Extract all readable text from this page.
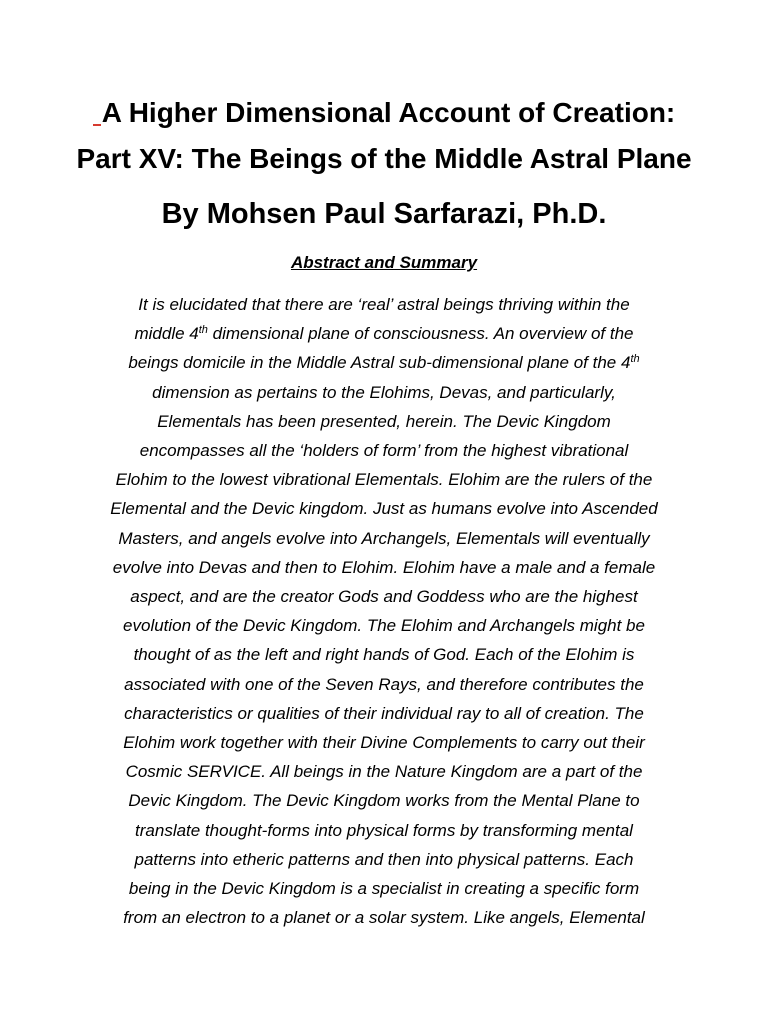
A Higher Dimensional Account of Creation:
Part XV: The Beings of the Middle Astral Plane
By Mohsen Paul Sarfarazi, Ph.D.
Abstract and Summary
It is elucidated that there are ‘real’ astral beings thriving within the
middle 4th dimensional plane of consciousness. An overview of the
beings domicile in the Middle Astral sub-dimensional plane of the 4th
dimension as pertains to the Elohims, Devas, and particularly,
Elementals has been presented, herein. The Devic Kingdom
encompasses all the ‘holders of form’ from the highest vibrational
Elohim to the lowest vibrational Elementals. Elohim are the rulers of the
Elemental and the Devic kingdom. Just as humans evolve into Ascended
Masters, and angels evolve into Archangels, Elementals will eventually
evolve into Devas and then to Elohim. Elohim have a male and a female
aspect, and are the creator Gods and Goddess who are the highest
evolution of the Devic Kingdom. The Elohim and Archangels might be
thought of as the left and right hands of God. Each of the Elohim is
associated with one of the Seven Rays, and therefore contributes the
characteristics or qualities of their individual ray to all of creation. The
Elohim work together with their Divine Complements to carry out their
Cosmic SERVICE. All beings in the Nature Kingdom are a part of the
Devic Kingdom. The Devic Kingdom works from the Mental Plane to
translate thought-forms into physical forms by transforming mental
patterns into etheric patterns and then into physical patterns. Each
being in the Devic Kingdom is a specialist in creating a specific form
from an electron to a planet or a solar system. Like angels, Elemental
